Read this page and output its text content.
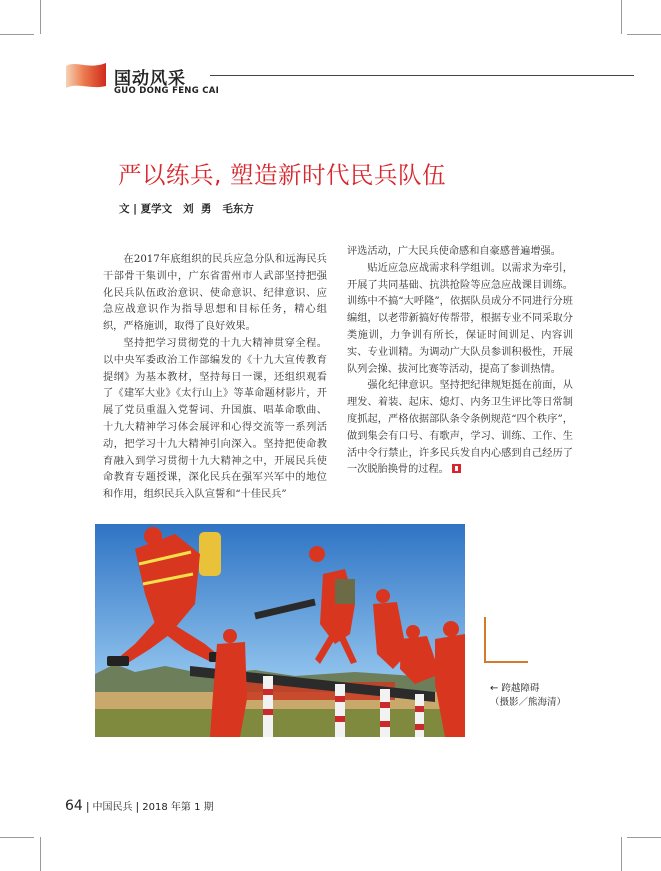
国动风采
GUO DONG FENG CAI
严以练兵, 塑造新时代民兵队伍
文 | 夏学文   刘  勇   毛东方

在2017年底组织的民兵应急分队和远海民兵干部骨干集训中，广东省雷州市人武部坚持把强化民兵队伍政治意识、使命意识、纪律意识、应急应战意识作为指导思想和目标任务，精心组织，严格施训，取得了良好效果。

坚持把学习贯彻党的十九大精神贯穿全程。以中央军委政治工作部编发的《十九大宣传教育提纲》为基本教材，坚持每日一课，还组织观看了《建军大业》《太行山上》等革命题材影片，开展了党员重温入党誓词、升国旗、唱革命歌曲、十九大精神学习体会展评和心得交流等一系列活动，把学习十九大精神引向深入。坚持把使命教育融入到学习贯彻十九大精神之中，开展民兵使命教育专题授课，深化民兵在强军兴军中的地位和作用，组织民兵入队宣誓和“十佳民兵”

评选活动，广大民兵使命感和自豪感普遍增强。

贴近应急应战需求科学组训。以需求为牵引，开展了共同基础、抗洪抢险等应急应战课目训练。训练中不搞“大呼隆”，依据队员成分不同进行分班编组，以老带新搞好传帮带，根据专业不同采取分类施训，力争训有所长，保证时间训足、内容训实、专业训精。为调动广大队员参训积极性，开展队列会操、拔河比赛等活动，提高了参训热情。

强化纪律意识。坚持把纪律规矩挺在前面，从理发、着装、起床、熄灯、内务卫生评比等日常制度抓起，严格依据部队条令条例规范“四个秩序”，做到集会有口号、有歌声，学习、训练、工作、生活中令行禁止，许多民兵发自内心感到自己经历了一次脱胎换骨的过程。

← 跨越障碍
（摄影／熊海清）
64 | 中国民兵 | 2018 年第 1 期
